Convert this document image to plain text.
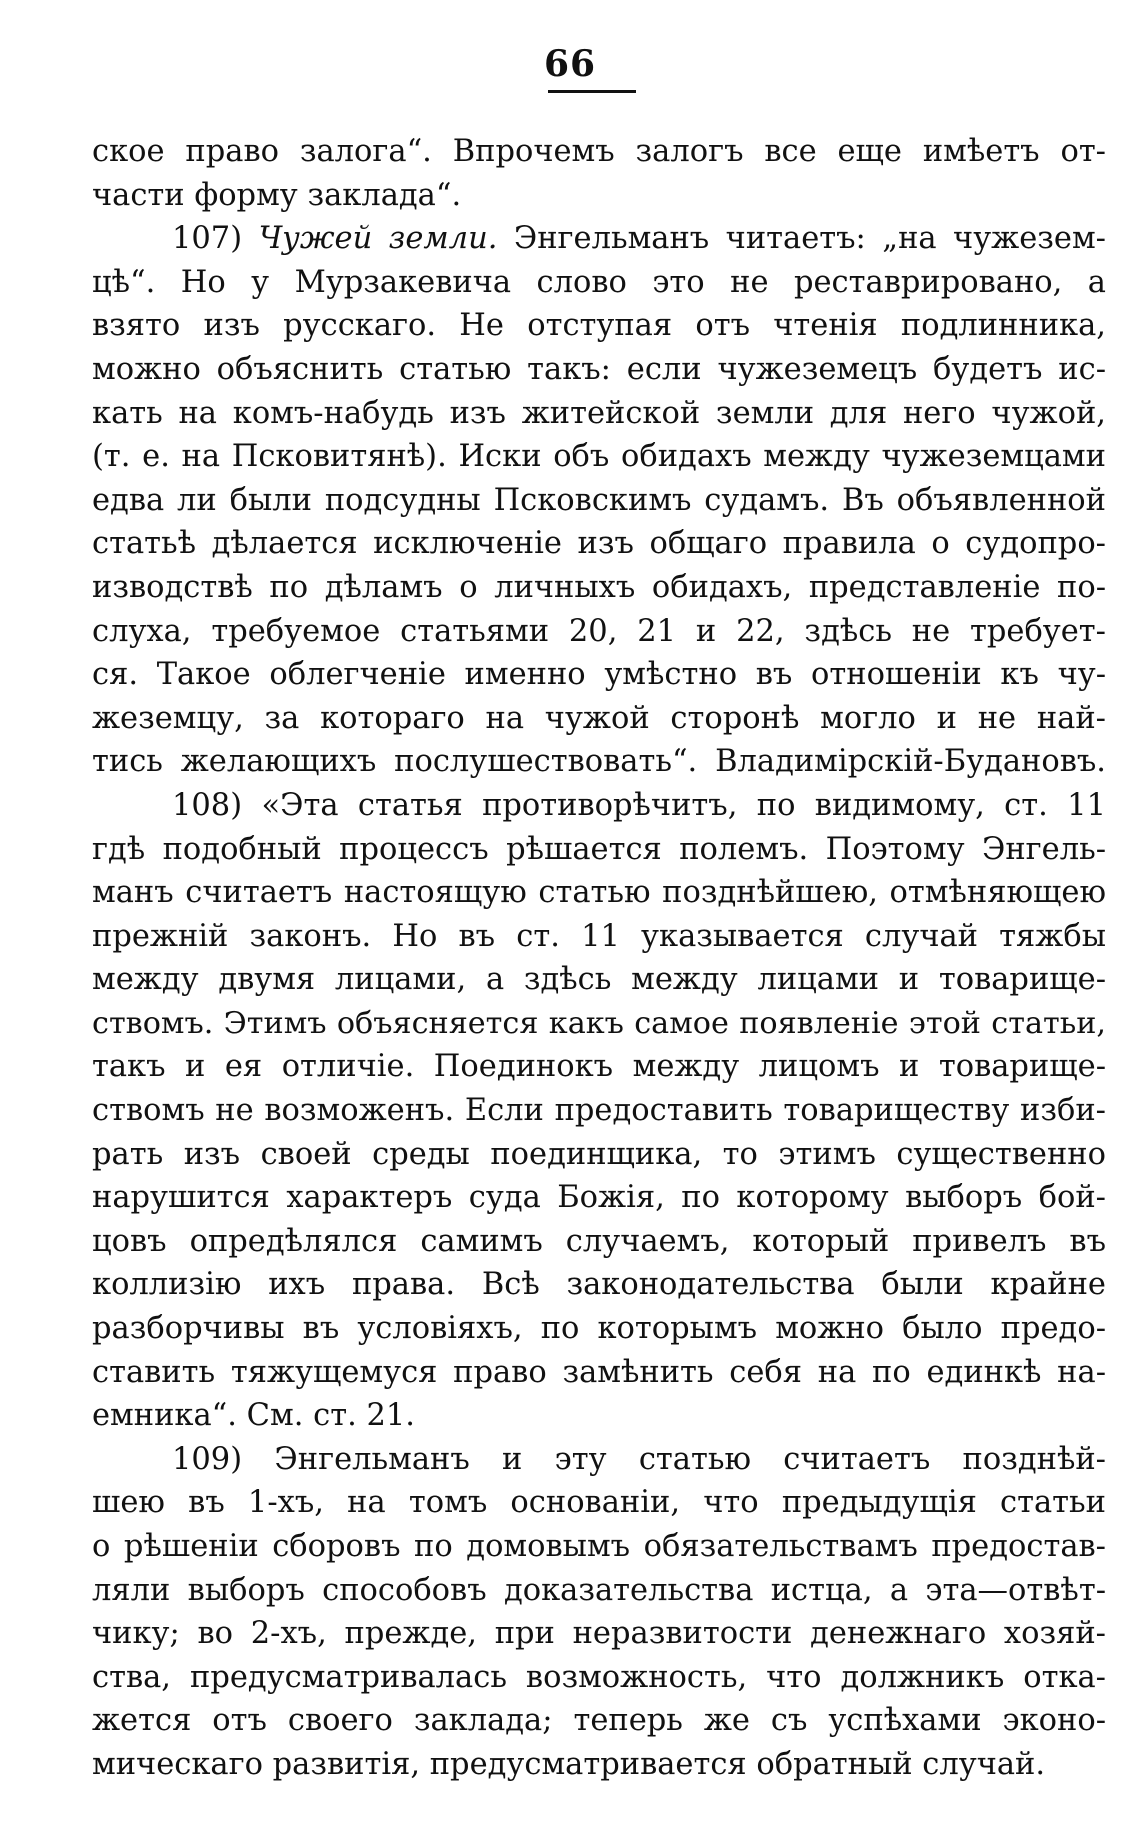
66
ское право залога“. Впрочемъ залогъ все еще имѣетъ от-
части форму заклада“.
107) Чужей земли. Энгельманъ читаетъ: „на чужезем-
цѣ“. Но у Мурзакевича слово это не реставрировано, а
взято изъ русскаго. Не отступая отъ чтенія подлинника,
можно объяснить статью такъ: если чужеземецъ будетъ ис-
кать на комъ-набудь изъ житейской земли для него чужой,
(т. е. на Псковитянѣ). Иски объ обидахъ между чужеземцами
едва ли были подсудны Псковскимъ судамъ. Въ объявленной
статьѣ дѣлается исключеніе изъ общаго правила о судопро-
изводствѣ по дѣламъ о личныхъ обидахъ, представленіе по-
слуха, требуемое статьями 20, 21 и 22, здѣсь не требует-
ся. Такое облегченіе именно умѣстно въ отношеніи къ чу-
жеземцу, за котораго на чужой сторонѣ могло и не най-
тись желающихъ послушествовать“. Владимірскій-Будановъ.
108) «Эта статья противорѣчитъ, по видимому, ст. 11
гдѣ подобный процессъ рѣшается полемъ. Поэтому Энгель-
манъ считаетъ настоящую статью позднѣйшею, отмѣняющею
прежній законъ. Но въ ст. 11 указывается случай тяжбы
между двумя лицами, а здѣсь между лицами и товарище-
ствомъ. Этимъ объясняется какъ самое появленіе этой статьи,
такъ и ея отличіе. Поединокъ между лицомъ и товарище-
ствомъ не возможенъ. Если предоставить товариществу изби-
рать изъ своей среды поединщика, то этимъ существенно
нарушится характеръ суда Божія, по которому выборъ бой-
цовъ опредѣлялся самимъ случаемъ, который привелъ въ
коллизію ихъ права. Всѣ законодательства были крайне
разборчивы въ условіяхъ, по которымъ можно было предо-
ставить тяжущемуся право замѣнить себя на по единкѣ на-
емника“. См. ст. 21.
109) Энгельманъ и эту статью считаетъ позднѣй-
шею въ 1-хъ, на томъ основаніи, что предыдущія статьи
о рѣшеніи сборовъ по домовымъ обязательствамъ предостав-
ляли выборъ способовъ доказательства истца, а эта—отвѣт-
чику; во 2-хъ, прежде, при неразвитости денежнаго хозяй-
ства, предусматривалась возможность, что должникъ отка-
жется отъ своего заклада; теперь же съ успѣхами эконо-
мическаго развитія, предусматривается обратный случай.
